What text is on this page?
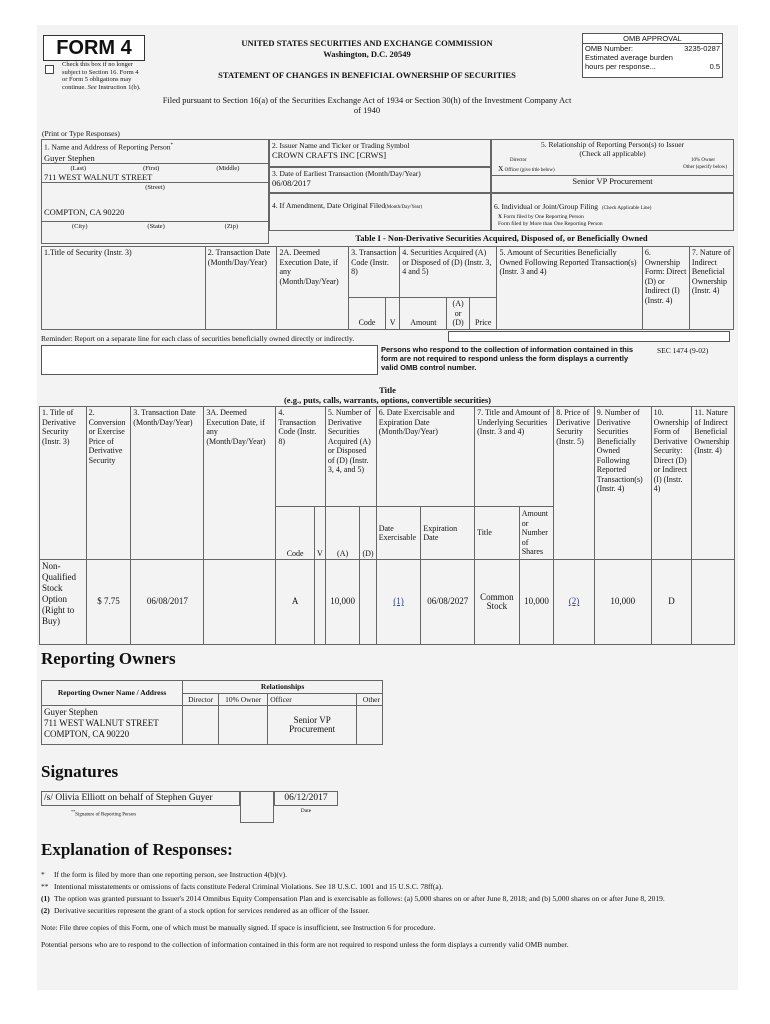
FORM 4
Check this box if no longer subject to Section 16. Form 4 or Form 5 obligations may continue. See Instruction 1(b).
UNITED STATES SECURITIES AND EXCHANGE COMMISSION
Washington, D.C. 20549
STATEMENT OF CHANGES IN BENEFICIAL OWNERSHIP OF SECURITIES
Filed pursuant to Section 16(a) of the Securities Exchange Act of 1934 or Section 30(h) of the Investment Company Act of 1940
OMB APPROVAL
OMB Number:	3235-0287
Estimated average burden
hours per response...	0.5
(Print or Type Responses)
1. Name and Address of Reporting Person*
Guyer Stephen
(Last)	(First)	(Middle)
711 WEST WALNUT STREET
(Street)
COMPTON, CA 90220
(City)	(State)	(Zip)
2. Issuer Name and Ticker or Trading Symbol
CROWN CRAFTS INC [CRWS]
3. Date of Earliest Transaction (Month/Day/Year)
06/08/2017
4. If Amendment, Date Original Filed(Month/Day/Year)
5. Relationship of Reporting Person(s) to Issuer
(Check all applicable)
Director	10% Owner
X Officer (give title below)
Other (specify below)
Senior VP Procurement
6. Individual or Joint/Group Filing (Check Applicable Line)
X Form filed by One Reporting Person
Form filed by More than One Reporting Person
Table I - Non-Derivative Securities Acquired, Disposed of, or Beneficially Owned
1.Title of Security (Instr. 3)	2. Transaction Date (Month/Day/Year)	2A. Deemed Execution Date, if any (Month/Day/Year)	3. Transaction Code (Instr. 8)		4. Securities Acquired (A) or Disposed of (D) (Instr. 3, 4 and 5)			5. Amount of Securities Beneficially Owned Following Reported Transaction(s) (Instr. 3 and 4)	6. Ownership Form: Direct (D) or Indirect (I) (Instr. 4)	7. Nature of Indirect Beneficial Ownership (Instr. 4)
			Code	V	Amount	(A) or (D)	Price			
Reminder: Report on a separate line for each class of securities beneficially owned directly or indirectly.
Persons who respond to the collection of information contained in this form are not required to respond unless the form displays a currently valid OMB control number.
SEC 1474 (9-02)
Title
(e.g., puts, calls, warrants, options, convertible securities)
1. Title of Derivative Security (Instr. 3)	2. Conversion or Exercise Price of Derivative Security	3. Transaction Date (Month/Day/Year)	3A. Deemed Execution Date, if any (Month/Day/Year)	4. Transaction Code (Instr. 8)		5. Number of Derivative Securities Acquired (A) or Disposed of (D) (Instr. 3, 4, and 5)		6. Date Exercisable and Expiration Date (Month/Day/Year)		7. Title and Amount of Underlying Securities (Instr. 3 and 4)		8. Price of Derivative Security (Instr. 5)	9. Number of Derivative Securities Beneficially Owned Following Reported Transaction(s) (Instr. 4)	10. Ownership Form of Derivative Security: Direct (D) or Indirect (I) (Instr. 4)	11. Nature of Indirect Beneficial Ownership (Instr. 4)
				Code	V	(A)	(D)	Date Exercisable	Expiration Date	Title	Amount or Number of Shares				
Non-Qualified Stock Option (Right to Buy)	$ 7.75	06/08/2017		A		10,000		(1)	06/08/2027	Common Stock	10,000	(2)	10,000	D	
Reporting Owners
Reporting Owner Name / Address	Relationships			
	Director	10% Owner	Officer	Other

Guyer Stephen
711 WEST WALNUT STREET
COMPTON, CA 90220			Senior VP Procurement	
Signatures
/s/ Olivia Elliott on behalf of Stephen Guyer	06/12/2017
**Signature of Reporting Person
Date
Explanation of Responses:
*	If the form is filed by more than one reporting person, see Instruction 4(b)(v).
** Intentional misstatements or omissions of facts constitute Federal Criminal Violations. See 18 U.S.C. 1001 and 15 U.S.C. 78ff(a).
(1) The option was granted pursuant to Issuer's 2014 Omnibus Equity Compensation Plan and is exercisable as follows: (a) 5,000 shares on or after June 8, 2018; and (b) 5,000 shares on or after June 8, 2019.
(2) Derivative securities represent the grant of a stock option for services rendered as an officer of the Issuer.
Note: File three copies of this Form, one of which must be manually signed. If space is insufficient, see Instruction 6 for procedure.
Potential persons who are to respond to the collection of information contained in this form are not required to respond unless the form displays a currently valid OMB number.
